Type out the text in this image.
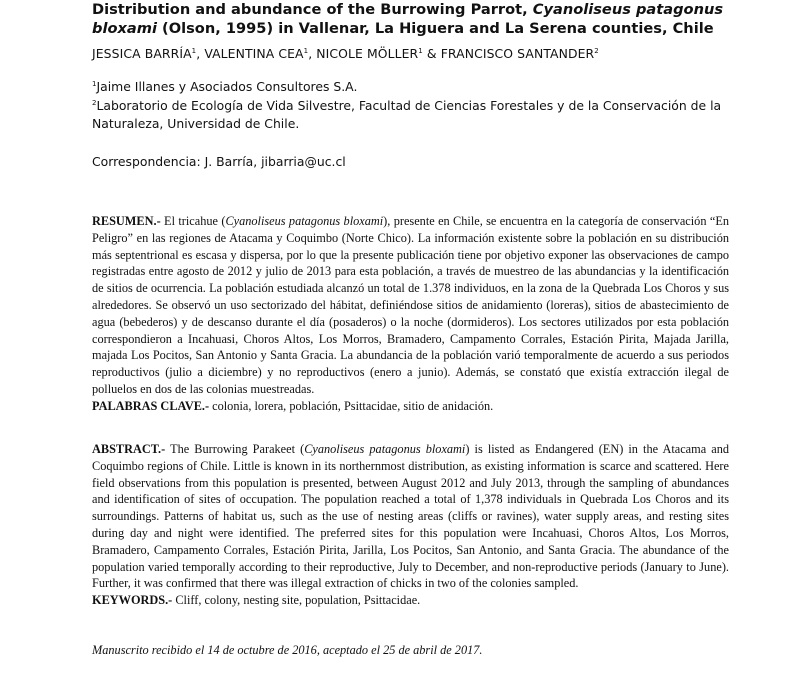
Distribution and abundance of the Burrowing Parrot, Cyanoliseus patagonus bloxami (Olson, 1995) in Vallenar, La Higuera and La Serena counties, Chile
JESSICA BARRÍA$^1$, VALENTINA CEA$^1$, NICOLE MÖLLER$^1$ & FRANCISCO SANTANDER$^2$
$^1$Jaime Illanes y Asociados Consultores S.A.
$^2$Laboratorio de Ecología de Vida Silvestre, Facultad de Ciencias Forestales y de la Conservación de la Naturaleza, Universidad de Chile.
Correspondencia: J. Barría, jibarria@uc.cl

RESUMEN.- El tricahue (Cyanoliseus patagonus bloxami), presente en Chile, se encuentra en la categoría de conservación “En Peligro” en las regiones de Atacama y Coquimbo (Norte Chico). La información existente sobre la población en su distribución más septentrional es escasa y dispersa, por lo que la presente publicación tiene por objetivo exponer las observaciones de campo registradas entre agosto de 2012 y julio de 2013 para esta población, a través de muestreo de las abundancias y la identificación de sitios de ocurrencia. La población estudiada alcanzó un total de 1.378 individuos, en la zona de la Quebrada Los Choros y sus alrededores. Se observó un uso sectorizado del hábitat, definiéndose sitios de anidamiento (loreras), sitios de abastecimiento de agua (bebederos) y de descanso durante el día (posaderos) o la noche (dormideros). Los sectores utilizados por esta población correspondieron a Incahuasi, Choros Altos, Los Morros, Bramadero, Campamento Corrales, Estación Pirita, Majada Jarilla, majada Los Pocitos, San Antonio y Santa Gracia. La abundancia de la población varió temporalmente de acuerdo a sus periodos reproductivos (julio a diciembre) y no reproductivos (enero a junio). Además, se constató que existía extracción ilegal de polluelos en dos de las colonias muestreadas.

PALABRAS CLAVE.- colonia, lorera, población, Psittacidae, sitio de anidación.

ABSTRACT.- The Burrowing Parakeet (Cyanoliseus patagonus bloxami) is listed as Endangered (EN) in the Atacama and Coquimbo regions of Chile. Little is known in its northernmost distribution, as existing information is scarce and scattered. Here field observations from this population is presented, between August 2012 and July 2013, through the sampling of abundances and identification of sites of occupation. The population reached a total of 1,378 individuals in Quebrada Los Choros and its surroundings. Patterns of habitat us, such as the use of nesting areas (cliffs or ravines), water supply areas, and resting sites during day and night were identified. The preferred sites for this population were Incahuasi, Choros Altos, Los Morros, Bramadero, Campamento Corrales, Estación Pirita, Jarilla, Los Pocitos, San Antonio, and Santa Gracia. The abundance of the population varied temporally according to their reproductive, July to December, and non-reproductive periods (January to June). Further, it was confirmed that there was illegal extraction of chicks in two of the colonies sampled.

KEYWORDS.- Cliff, colony, nesting site, population, Psittacidae.

Manuscrito recibido el 14 de octubre de 2016, aceptado el 25 de abril de 2017.
